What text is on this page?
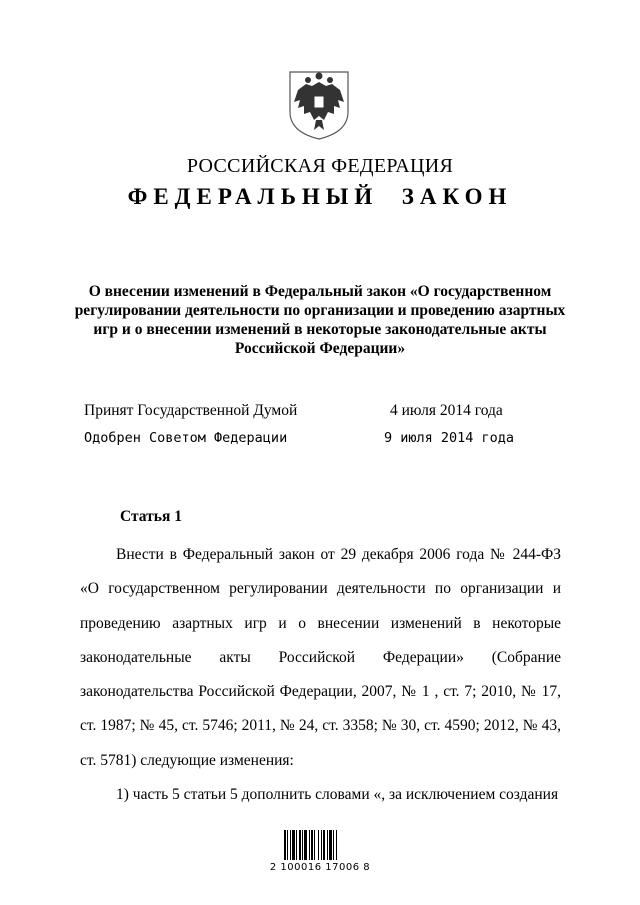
РОССИЙСКАЯ ФЕДЕРАЦИЯ
ФЕДЕРАЛЬНЫЙ  ЗАКОН
О внесении изменений в Федеральный закон «О государственном регулировании деятельности по организации и проведению азартных игр и о внесении изменений в некоторые законодательные акты Российской Федерации»
Принят Государственной Думой	4 июля 2014 года
Одобрен Советом Федерации	9 июля 2014 года
Статья 1

Внести в Федеральный закон от 29 декабря 2006 года № 244-ФЗ «О государственном регулировании деятельности по организации и проведению азартных игр и о внесении изменений в некоторые законодательные акты Российской Федерации» (Собрание законодательства Российской Федерации, 2007, № 1 , ст. 7; 2010, № 17, ст. 1987; № 45, ст. 5746; 2011, № 24, ст. 3358; № 30, ст. 4590; 2012, № 43, ст. 5781) следующие изменения:

1) часть 5 статьи 5 дополнить словами «, за исключением создания

2 100016 17006 8
